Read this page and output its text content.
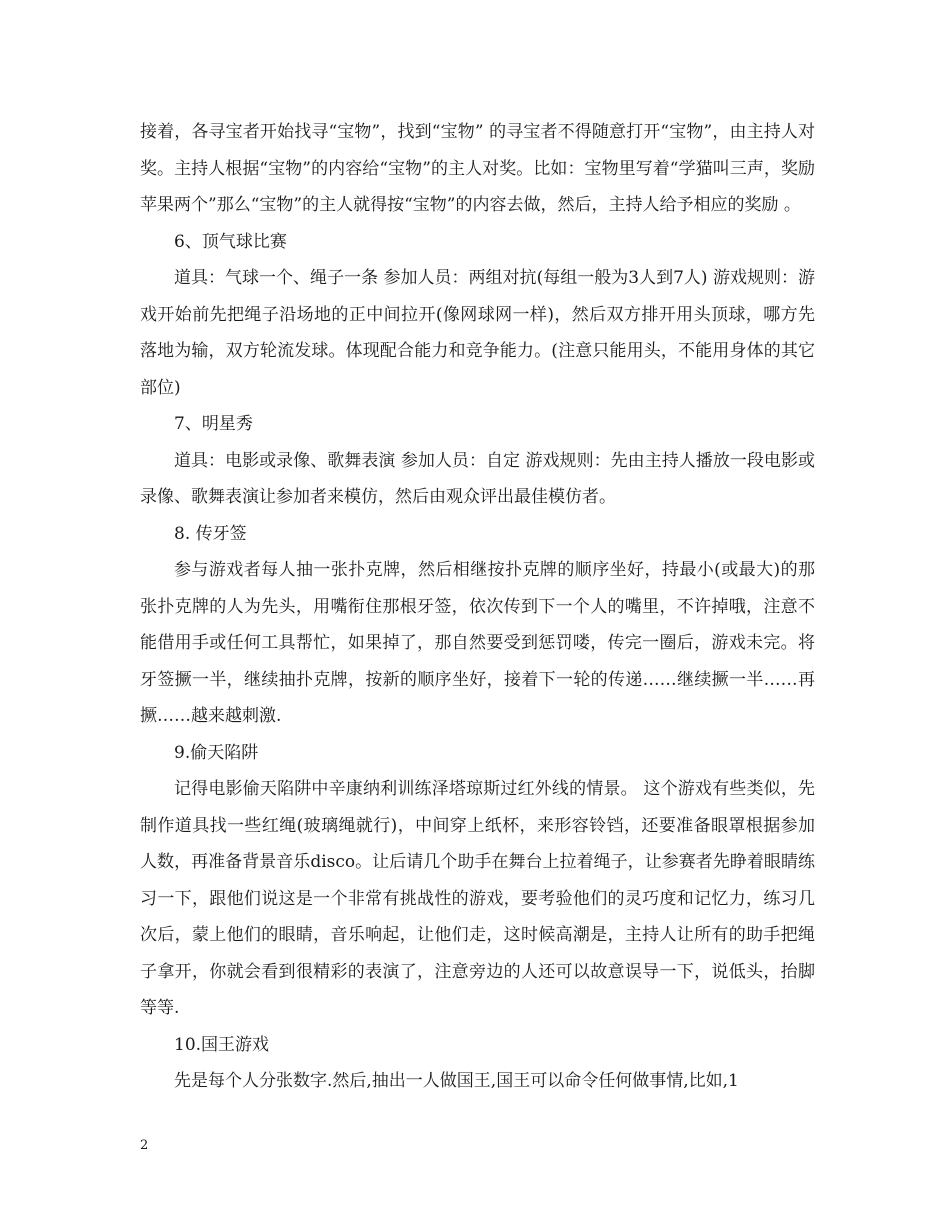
接着，各寻宝者开始找寻“宝物”，找到“宝物” 的寻宝者不得随意打开“宝物”，由主持人对奖。主持人根据“宝物”的内容给“宝物”的主人对奖。比如：宝物里写着“学猫叫三声，奖励苹果两个”那么“宝物”的主人就得按“宝物”的内容去做，然后，主持人给予相应的奖励 。

6、顶气球比赛

道具：气球一个、绳子一条 参加人员：两组对抗(每组一般为3人到7人) 游戏规则：游戏开始前先把绳子沿场地的正中间拉开(像网球网一样)，然后双方排开用头顶球，哪方先落地为输，双方轮流发球。体现配合能力和竞争能力。(注意只能用头，不能用身体的其它部位)

7、明星秀

道具：电影或录像、歌舞表演 参加人员：自定 游戏规则：先由主持人播放一段电影或录像、歌舞表演让参加者来模仿，然后由观众评出最佳模仿者。

8. 传牙签

参与游戏者每人抽一张扑克牌，然后相继按扑克牌的顺序坐好，持最小(或最大)的那张扑克牌的人为先头，用嘴衔住那根牙签，依次传到下一个人的嘴里，不许掉哦，注意不能借用手或任何工具帮忙，如果掉了，那自然要受到惩罚喽，传完一圈后，游戏未完。将牙签撅一半，继续抽扑克牌，按新的顺序坐好，接着下一轮的传递……继续撅一半……再撅……越来越刺激.

9.偷天陷阱

记得电影偷天陷阱中辛康纳利训练泽塔琼斯过红外线的情景。 这个游戏有些类似，先制作道具找一些红绳(玻璃绳就行)，中间穿上纸杯，来形容铃铛，还要准备眼罩根据参加人数，再准备背景音乐disco。让后请几个助手在舞台上拉着绳子，让参赛者先睁着眼睛练习一下，跟他们说这是一个非常有挑战性的游戏，要考验他们的灵巧度和记忆力，练习几次后，蒙上他们的眼睛，音乐响起，让他们走，这时候高潮是，主持人让所有的助手把绳子拿开，你就会看到很精彩的表演了，注意旁边的人还可以故意误导一下，说低头，抬脚等等.

10.国王游戏

先是每个人分张数字.然后,抽出一人做国王,国王可以命令任何做事情,比如,1

2
